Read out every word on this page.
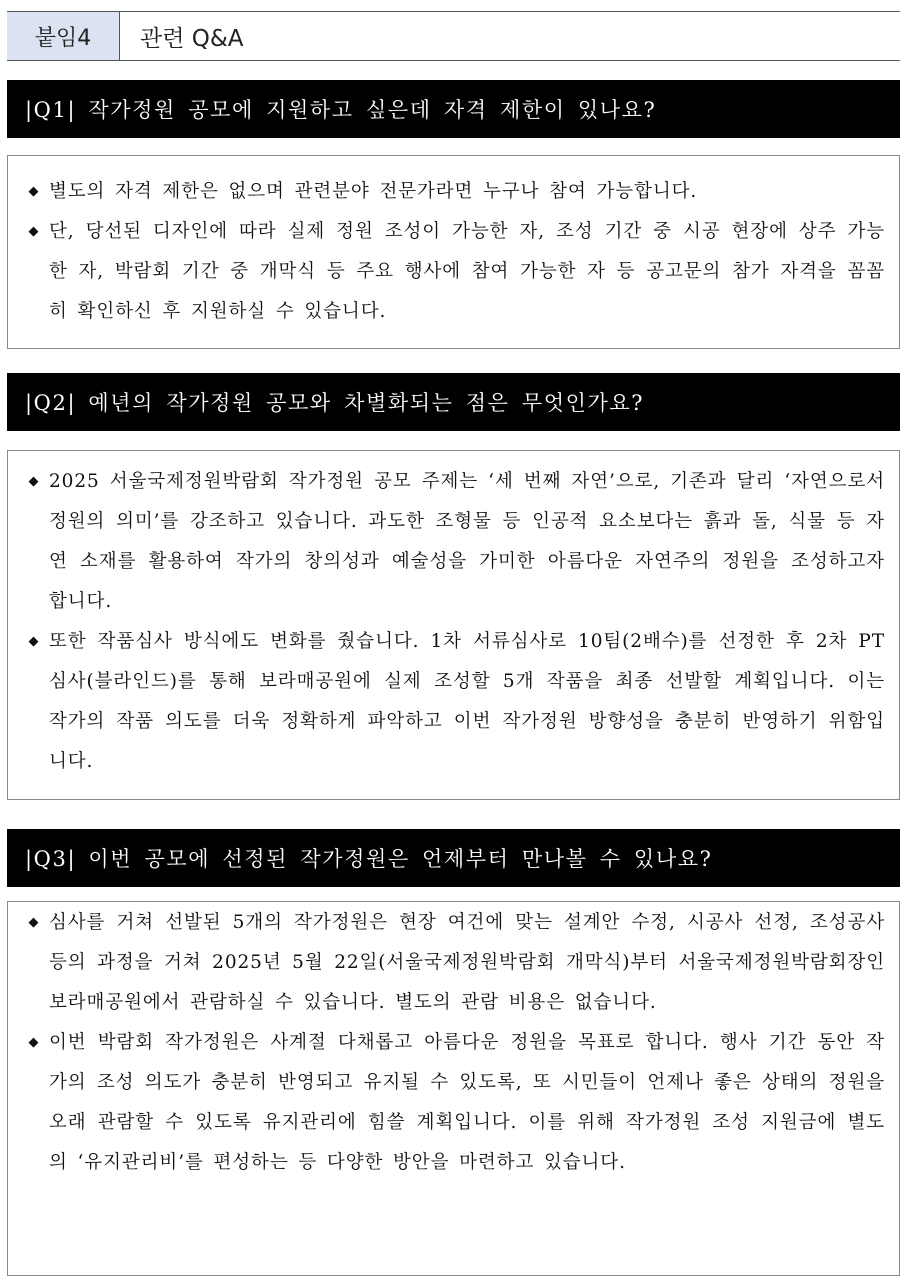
붙임4	관련 Q&A
|Q1| 작가정원 공모에 지원하고 싶은데 자격 제한이 있나요?
◆ 별도의 자격 제한은 없으며 관련분야 전문가라면 누구나 참여 가능합니다.
◆ 단, 당선된 디자인에 따라 실제 정원 조성이 가능한 자, 조성 기간 중 시공 현장에 상주 가능한 자, 박람회 기간 중 개막식 등 주요 행사에 참여 가능한 자 등 공고문의 참가 자격을 꼼꼼히 확인하신 후 지원하실 수 있습니다.
|Q2| 예년의 작가정원 공모와 차별화되는 점은 무엇인가요?
◆ 2025 서울국제정원박람회 작가정원 공모 주제는 ‘세 번째 자연’으로, 기존과 달리 ‘자연으로서 정원의 의미’를 강조하고 있습니다. 과도한 조형물 등 인공적 요소보다는 흙과 돌, 식물 등 자연 소재를 활용하여 작가의 창의성과 예술성을 가미한 아름다운 자연주의 정원을 조성하고자 합니다.
◆ 또한 작품심사 방식에도 변화를 줬습니다. 1차 서류심사로 10팀(2배수)를 선정한 후 2차 PT 심사(블라인드)를 통해 보라매공원에 실제 조성할 5개 작품을 최종 선발할 계획입니다. 이는 작가의 작품 의도를 더욱 정확하게 파악하고 이번 작가정원 방향성을 충분히 반영하기 위함입니다.
|Q3| 이번 공모에 선정된 작가정원은 언제부터 만나볼 수 있나요?
◆ 심사를 거쳐 선발된 5개의 작가정원은 현장 여건에 맞는 설계안 수정, 시공사 선정, 조성공사 등의 과정을 거쳐 2025년 5월 22일(서울국제정원박람회 개막식)부터 서울국제정원박람회장인 보라매공원에서 관람하실 수 있습니다. 별도의 관람 비용은 없습니다.
◆ 이번 박람회 작가정원은 사계절 다채롭고 아름다운 정원을 목표로 합니다. 행사 기간 동안 작가의 조성 의도가 충분히 반영되고 유지될 수 있도록, 또 시민들이 언제나 좋은 상태의 정원을 오래 관람할 수 있도록 유지관리에 힘쓸 계획입니다. 이를 위해 작가정원 조성 지원금에 별도의 ‘유지관리비’를 편성하는 등 다양한 방안을 마련하고 있습니다.
